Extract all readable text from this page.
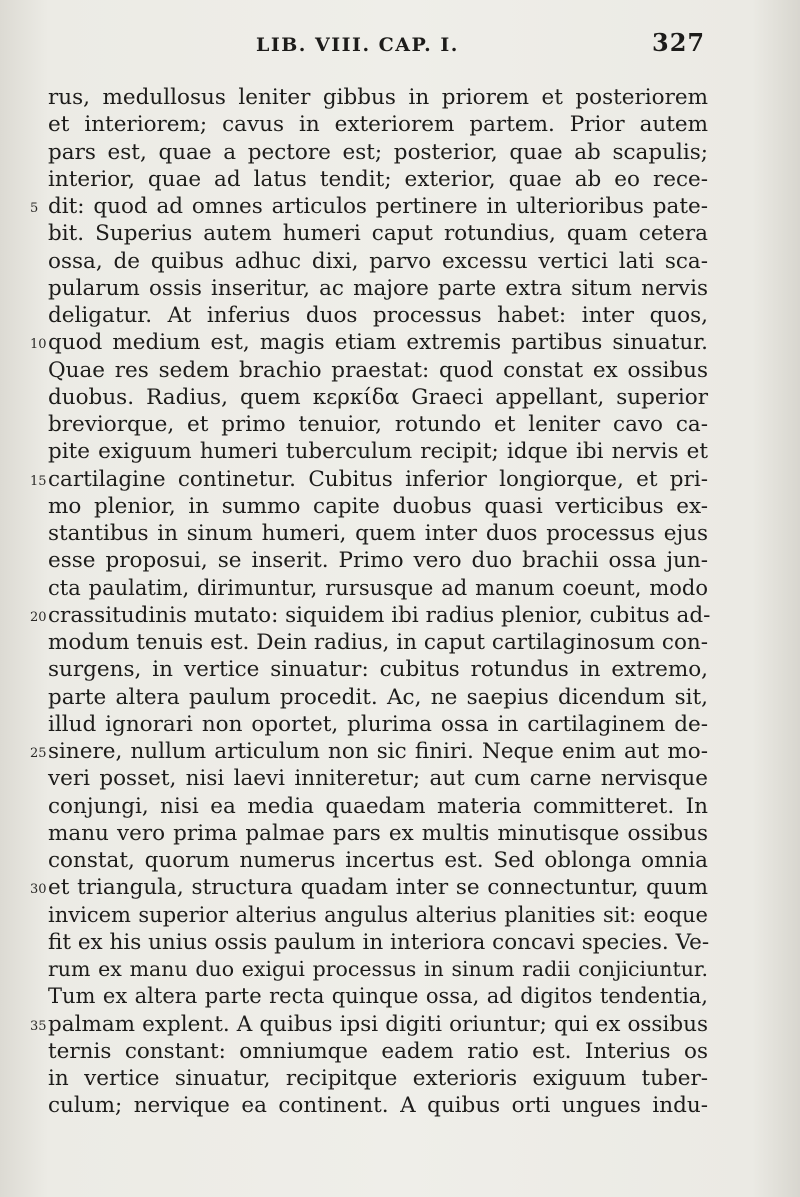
LIB. VIII. CAP. I.	327
rus, medullosus leniter gibbus in priorem et posteriorem
et interiorem; cavus in exteriorem partem. Prior autem
pars est, quae a pectore est; posterior, quae ab scapulis;
interior, quae ad latus tendit; exterior, quae ab eo rece-
5 dit: quod ad omnes articulos pertinere in ulterioribus pate-
bit. Superius autem humeri caput rotundius, quam cetera
ossa, de quibus adhuc dixi, parvo excessu vertici lati sca-
pularum ossis inseritur, ac majore parte extra situm nervis
deligatur. At inferius duos processus habet: inter quos,
10 quod medium est, magis etiam extremis partibus sinuatur.
Quae res sedem brachio praestat: quod constat ex ossibus
duobus. Radius, quem κερκίδα Graeci appellant, superior
breviorque, et primo tenuior, rotundo et leniter cavo ca-
pite exiguum humeri tuberculum recipit; idque ibi nervis et
15 cartilagine continetur. Cubitus inferior longiorque, et pri-
mo plenior, in summo capite duobus quasi verticibus ex-
stantibus in sinum humeri, quem inter duos processus ejus
esse proposui, se inserit. Primo vero duo brachii ossa jun-
cta paulatim, dirimuntur, rursusque ad manum coeunt, modo
20 crassitudinis mutato: siquidem ibi radius plenior, cubitus ad-
modum tenuis est. Dein radius, in caput cartilaginosum con-
surgens, in vertice sinuatur: cubitus rotundus in extremo,
parte altera paulum procedit. Ac, ne saepius dicendum sit,
illud ignorari non oportet, plurima ossa in cartilaginem de-
25 sinere, nullum articulum non sic finiri. Neque enim aut mo-
veri posset, nisi laevi inniteretur; aut cum carne nervisque
conjungi, nisi ea media quaedam materia committeret. In
manu vero prima palmae pars ex multis minutisque ossibus
constat, quorum numerus incertus est. Sed oblonga omnia
30 et triangula, structura quadam inter se connectuntur, quum
invicem superior alterius angulus alterius planities sit: eoque
fit ex his unius ossis paulum in interiora concavi species. Ve-
rum ex manu duo exigui processus in sinum radii conjiciuntur.
Tum ex altera parte recta quinque ossa, ad digitos tendentia,
35 palmam explent. A quibus ipsi digiti oriuntur; qui ex ossibus
ternis constant: omniumque eadem ratio est. Interius os
in vertice sinuatur, recipitque exterioris exiguum tuber-
culum; nervique ea continent. A quibus orti ungues indu-
